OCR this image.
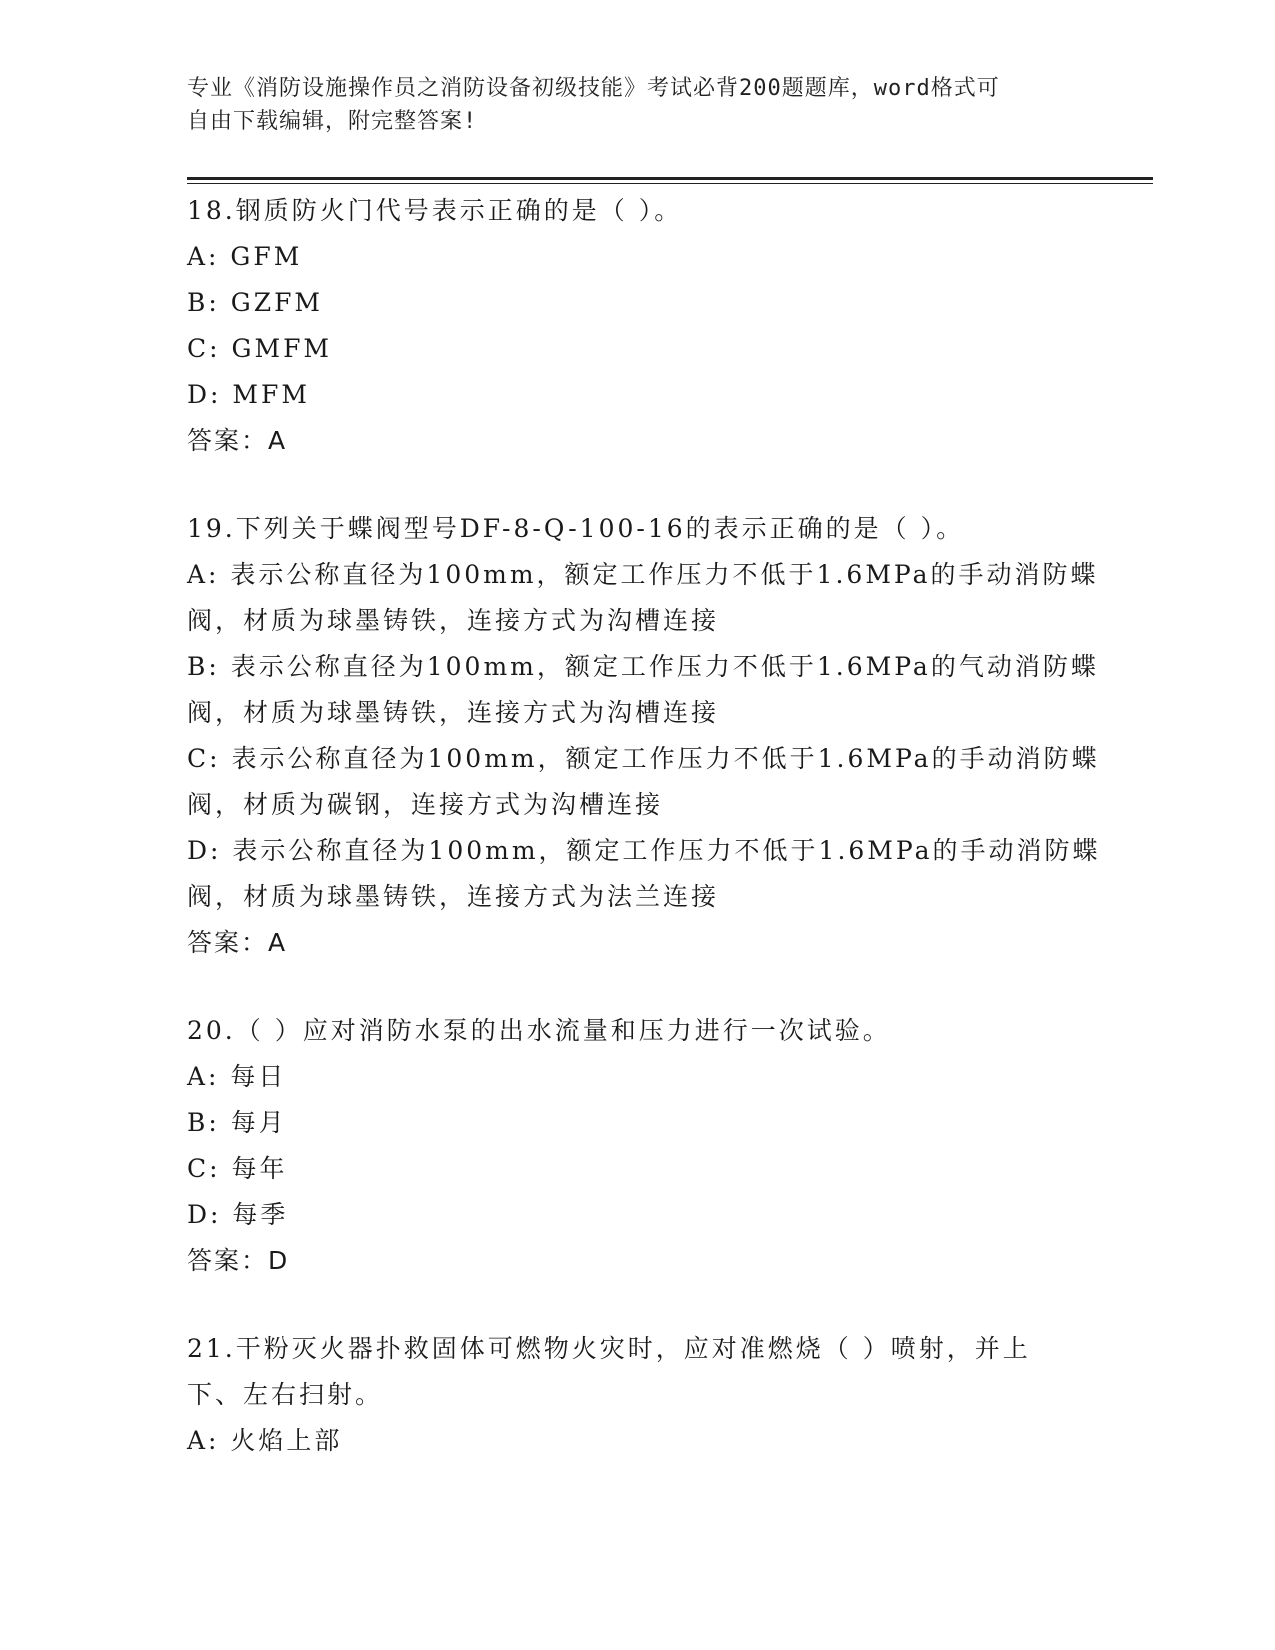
专业《消防设施操作员之消防设备初级技能》考试必背200题题库，word格式可
自由下载编辑，附完整答案!
18.钢质防火门代号表示正确的是（ ）。
A: GFM
B: GZFM
C: GMFM
D: MFM
答案：A
19.下列关于蝶阀型号DF-8-Q-100-16的表示正确的是（ ）。
A: 表示公称直径为100mm，额定工作压力不低于1.6MPa的手动消防蝶
阀，材质为球墨铸铁，连接方式为沟槽连接
B: 表示公称直径为100mm，额定工作压力不低于1.6MPa的气动消防蝶
阀，材质为球墨铸铁，连接方式为沟槽连接
C: 表示公称直径为100mm，额定工作压力不低于1.6MPa的手动消防蝶
阀，材质为碳钢，连接方式为沟槽连接
D: 表示公称直径为100mm，额定工作压力不低于1.6MPa的手动消防蝶
阀，材质为球墨铸铁，连接方式为法兰连接
答案：A
20.（ ）应对消防水泵的出水流量和压力进行一次试验。
A: 每日
B: 每月
C: 每年
D: 每季
答案：D
21.干粉灭火器扑救固体可燃物火灾时，应对准燃烧（ ）喷射，并上
下、左右扫射。
A: 火焰上部
